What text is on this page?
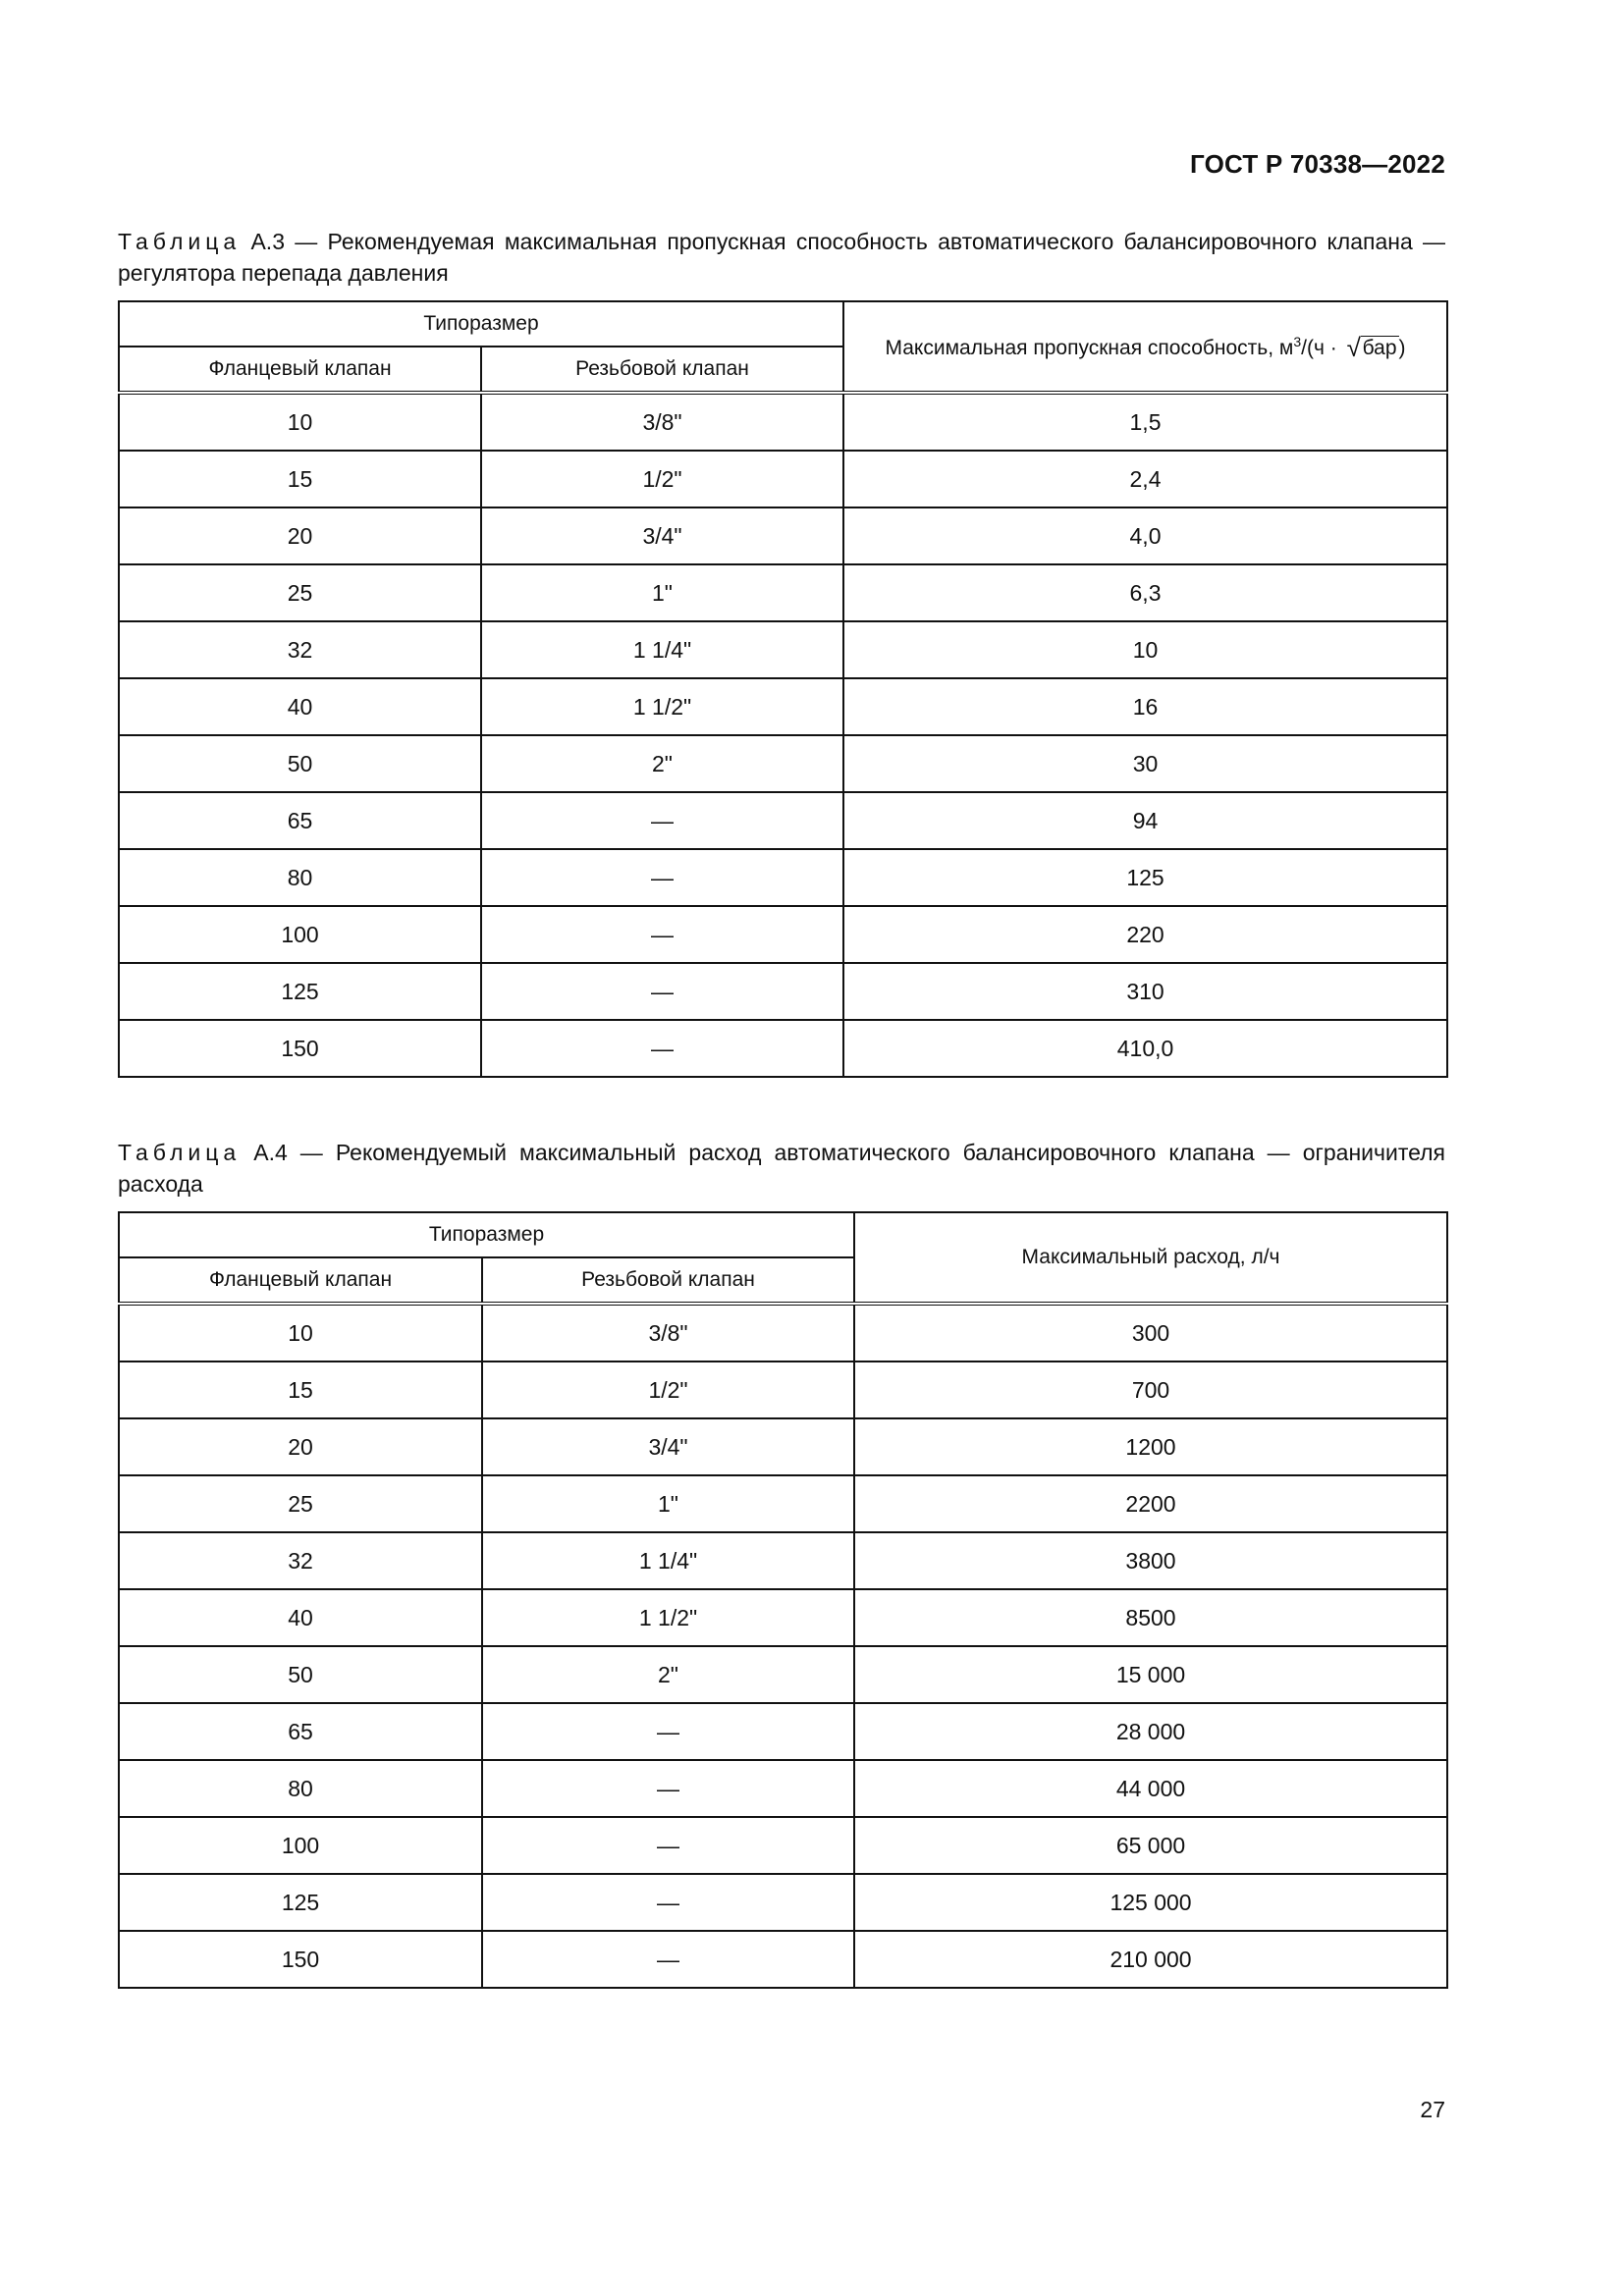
ГОСТ Р 70338—2022
Таблица А.3 — Рекомендуемая максимальная пропускная способность автоматического балансировочного клапана — регулятора перепада давления
Типоразмер		Максимальная пропускная способность, $м^3/(ч$ · √ бар)
Фланцевый клапан	Резьбовой клапан	
10	3/8"	1,5
15	1/2"	2,4
20	3/4"	4,0
25	1"	6,3
32	1 1/4"	10
40	1 1/2"	16
50	2"	30
65	—	94
80	—	125
100	—	220
125	—	310
150	—	410,0
Таблица А.4 — Рекомендуемый максимальный расход автоматического балансировочного клапана — ограничителя расхода
Типоразмер		Максимальный расход, л/ч
Фланцевый клапан	Резьбовой клапан	
10	3/8"	300
15	1/2"	700
20	3/4"	1200
25	1"	2200
32	1 1/4"	3800
40	1 1/2"	8500
50	2"	15 000
65	—	28 000
80	—	44 000
100	—	65 000
125	—	125 000
150	—	210 000
27
